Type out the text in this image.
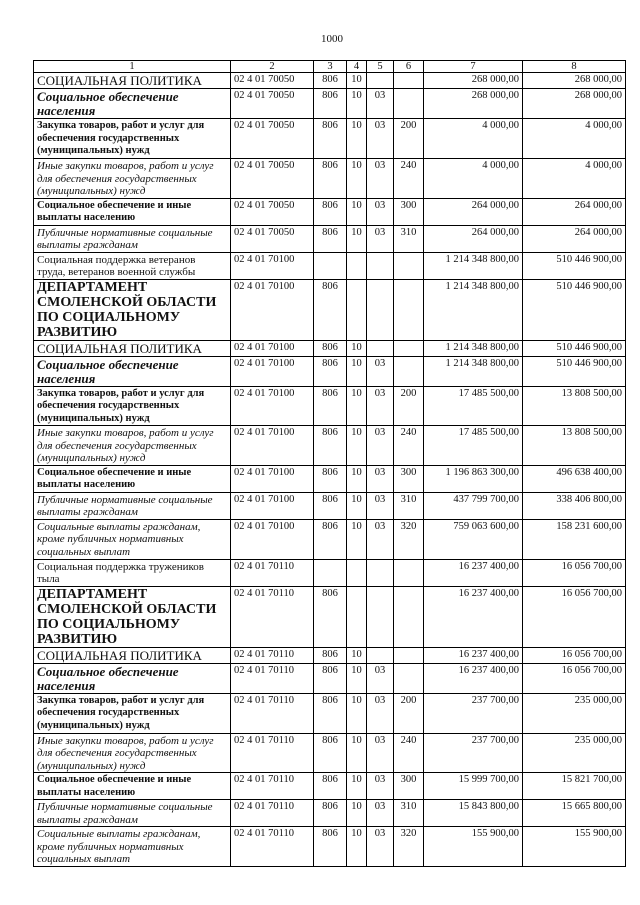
1000
1	2	3	4	5	6	7	8
СОЦИАЛЬНАЯ ПОЛИТИКА	02 4 01 70050	806	10			268 000,00	268 000,00
Социальное обеспечение
населения	02 4 01 70050	806	10	03		268 000,00	268 000,00
Закупка товаров, работ и услуг для
обеспечения государственных
(муниципальных) нужд	02 4 01 70050	806	10	03	200	4 000,00	4 000,00
Иные закупки товаров, работ и услуг
для обеспечения государственных
(муниципальных) нужд	02 4 01 70050	806	10	03	240	4 000,00	4 000,00
Социальное обеспечение и иные
выплаты населению	02 4 01 70050	806	10	03	300	264 000,00	264 000,00
Публичные нормативные социальные
выплаты гражданам	02 4 01 70050	806	10	03	310	264 000,00	264 000,00
Социальная поддержка ветеранов
труда, ветеранов военной службы	02 4 01 70100					1 214 348 800,00	510 446 900,00
ДЕПАРТАМЕНТ
СМОЛЕНСКОЙ ОБЛАСТИ
ПО СОЦИАЛЬНОМУ
РАЗВИТИЮ	02 4 01 70100	806				1 214 348 800,00	510 446 900,00
СОЦИАЛЬНАЯ ПОЛИТИКА	02 4 01 70100	806	10			1 214 348 800,00	510 446 900,00
Социальное обеспечение
населения	02 4 01 70100	806	10	03		1 214 348 800,00	510 446 900,00
Закупка товаров, работ и услуг для
обеспечения государственных
(муниципальных) нужд	02 4 01 70100	806	10	03	200	17 485 500,00	13 808 500,00
Иные закупки товаров, работ и услуг
для обеспечения государственных
(муниципальных) нужд	02 4 01 70100	806	10	03	240	17 485 500,00	13 808 500,00
Социальное обеспечение и иные
выплаты населению	02 4 01 70100	806	10	03	300	1 196 863 300,00	496 638 400,00
Публичные нормативные социальные
выплаты гражданам	02 4 01 70100	806	10	03	310	437 799 700,00	338 406 800,00
Социальные выплаты гражданам,
кроме публичных нормативных
социальных выплат	02 4 01 70100	806	10	03	320	759 063 600,00	158 231 600,00
Социальная поддержка тружеников
тыла	02 4 01 70110					16 237 400,00	16 056 700,00
ДЕПАРТАМЕНТ
СМОЛЕНСКОЙ ОБЛАСТИ
ПО СОЦИАЛЬНОМУ
РАЗВИТИЮ	02 4 01 70110	806				16 237 400,00	16 056 700,00
СОЦИАЛЬНАЯ ПОЛИТИКА	02 4 01 70110	806	10			16 237 400,00	16 056 700,00
Социальное обеспечение
населения	02 4 01 70110	806	10	03		16 237 400,00	16 056 700,00
Закупка товаров, работ и услуг для
обеспечения государственных
(муниципальных) нужд	02 4 01 70110	806	10	03	200	237 700,00	235 000,00
Иные закупки товаров, работ и услуг
для обеспечения государственных
(муниципальных) нужд	02 4 01 70110	806	10	03	240	237 700,00	235 000,00
Социальное обеспечение и иные
выплаты населению	02 4 01 70110	806	10	03	300	15 999 700,00	15 821 700,00
Публичные нормативные социальные
выплаты гражданам	02 4 01 70110	806	10	03	310	15 843 800,00	15 665 800,00
Социальные выплаты гражданам,
кроме публичных нормативных
социальных выплат	02 4 01 70110	806	10	03	320	155 900,00	155 900,00
